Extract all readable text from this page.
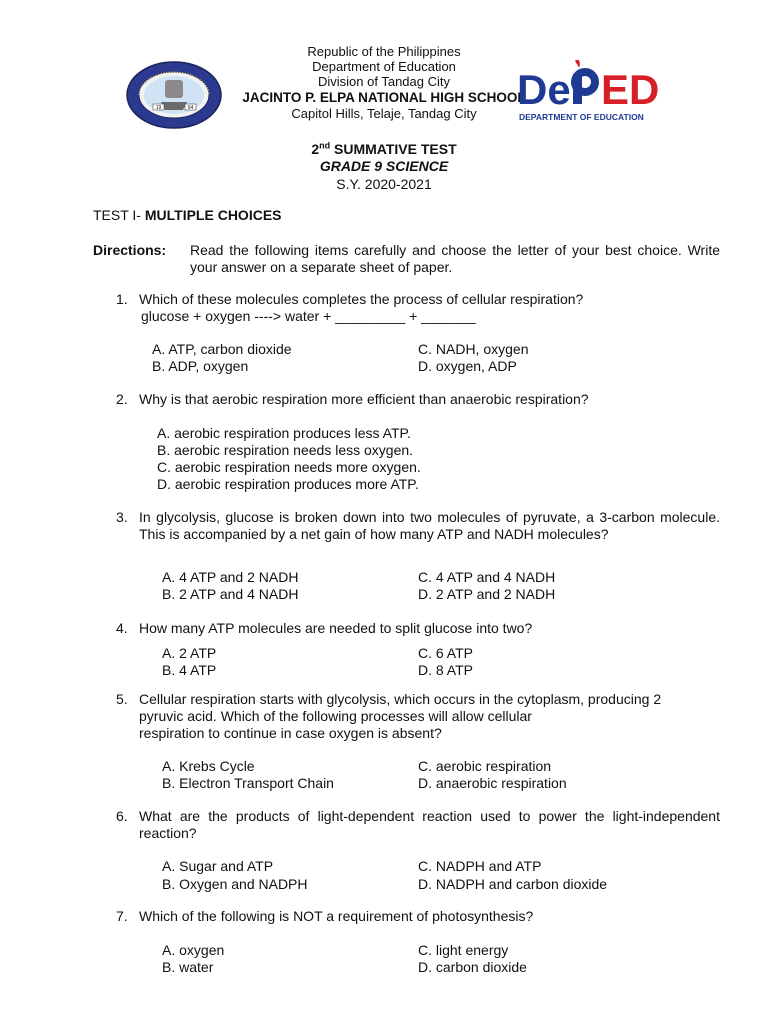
19	64
Republic of the Philippines
Department of Education
Division of Tandag City
JACINTO P. ELPA NATIONAL HIGH SCHOOL
Capitol Hills, Telaje, Tandag City
De ED
DEPARTMENT OF EDUCATION
2nd SUMMATIVE TEST
GRADE 9 SCIENCE
S.Y. 2020-2021
TEST I- MULTIPLE CHOICES
Directions: Read the following items carefully and choose the letter of your best choice. Write your answer on a separate sheet of paper.
1. Which of these molecules completes the process of cellular respiration?
glucose + oxygen ----> water + _________ + _______
A. ATP, carbon dioxide
B. ADP, oxygen
C. NADH, oxygen
D. oxygen, ADP
2. Why is that aerobic respiration more efficient than anaerobic respiration?
A. aerobic respiration produces less ATP.
B. aerobic respiration needs less oxygen.
C. aerobic respiration needs more oxygen.
D. aerobic respiration produces more ATP.
3. In glycolysis, glucose is broken down into two molecules of pyruvate, a 3-carbon molecule. This is accompanied by a net gain of how many ATP and NADH molecules?
A. 4 ATP and 2 NADH
B. 2 ATP and 4 NADH
C. 4 ATP and 4 NADH
D. 2 ATP and 2 NADH
4. How many ATP molecules are needed to split glucose into two?
A. 2 ATP
B. 4 ATP
C. 6 ATP
D. 8 ATP
5. Cellular respiration starts with glycolysis, which occurs in the cytoplasm, producing 2
pyruvic acid. Which of the following processes will allow cellular
respiration to continue in case oxygen is absent?
A. Krebs Cycle
B. Electron Transport Chain
C. aerobic respiration
D. anaerobic respiration
6. What are the products of light-dependent reaction used to power the light-independent reaction?
A. Sugar and ATP
B. Oxygen and NADPH
C. NADPH and ATP
D. NADPH and carbon dioxide
7. Which of the following is NOT a requirement of photosynthesis?
A. oxygen
B. water
C. light energy
D. carbon dioxide
